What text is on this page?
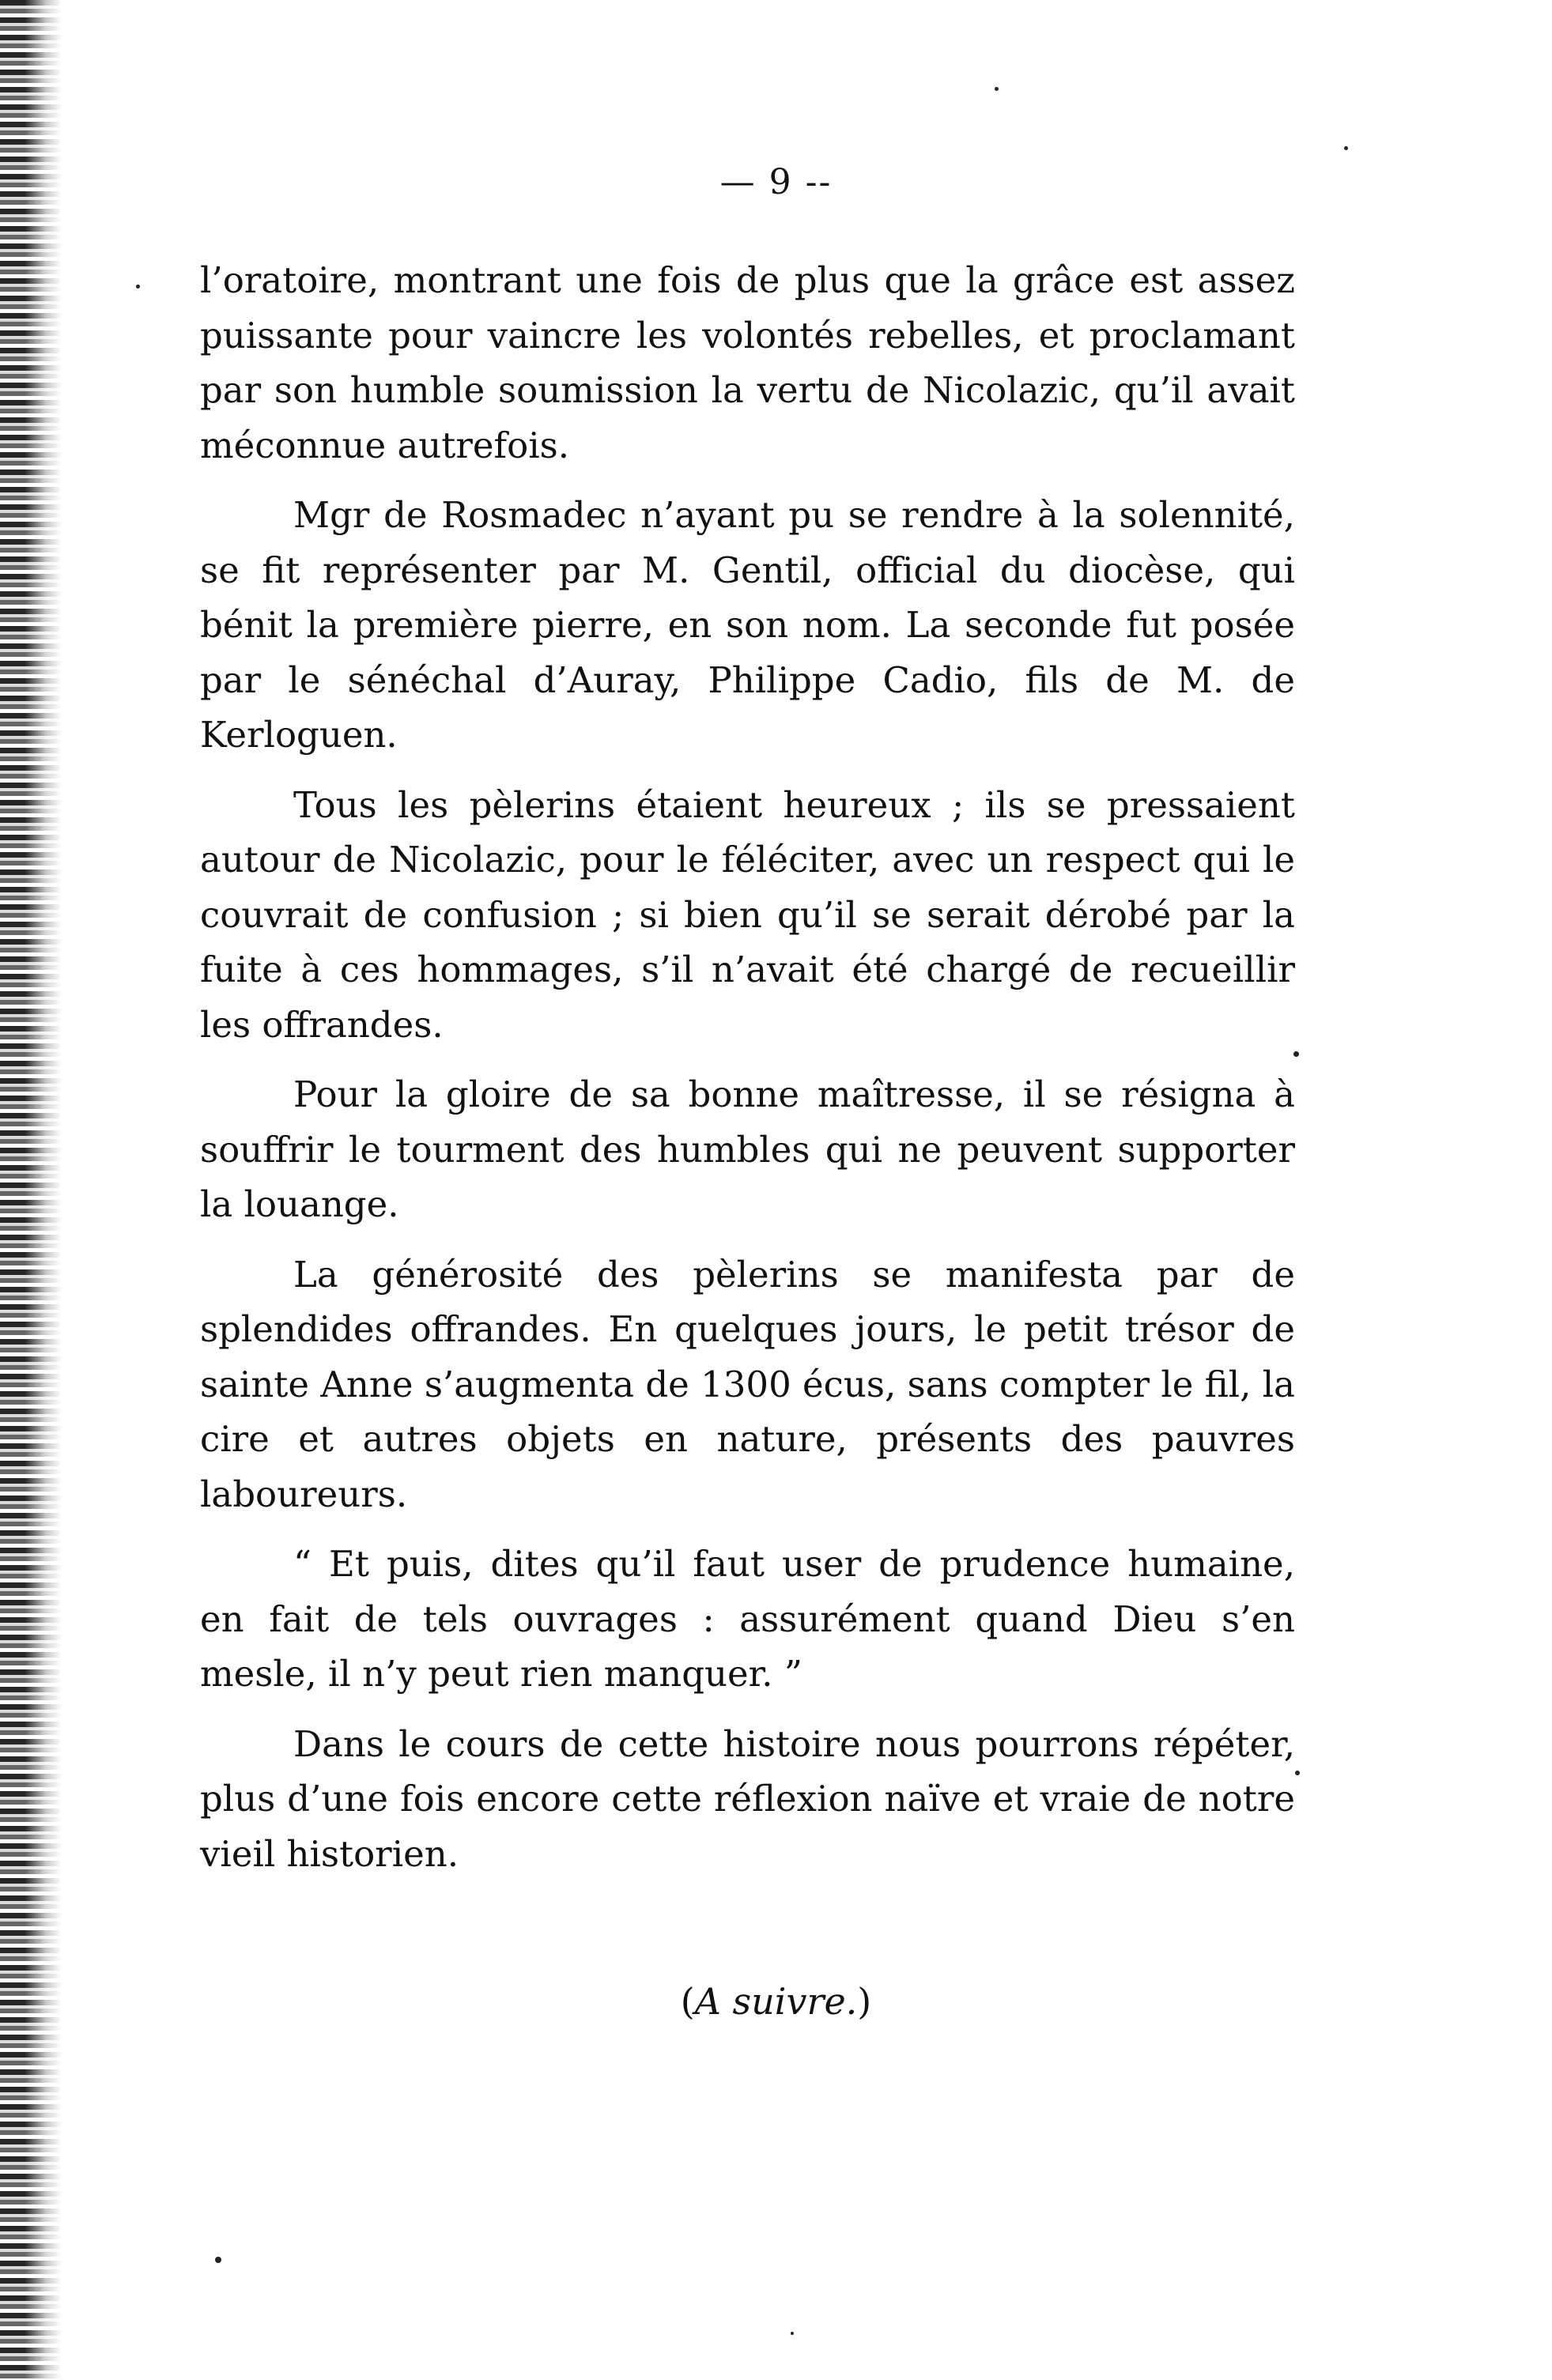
— 9 --

l’oratoire, montrant une fois de plus que la grâce est assez puissante pour vaincre les volontés rebelles, et proclamant par son humble soumission la vertu de Nicolazic, qu’il avait méconnue autrefois.

Mgr de Rosmadec n’ayant pu se rendre à la solennité, se fit représenter par M. Gentil, official du diocèse, qui bénit la première pierre, en son nom. La seconde fut posée par le sénéchal d’Auray, Philippe Cadio, fils de M. de Kerloguen.

Tous les pèlerins étaient heureux ; ils se pressaient autour de Nicolazic, pour le féléciter, avec un respect qui le couvrait de confusion ; si bien qu’il se serait dérobé par la fuite à ces hommages, s’il n’avait été chargé de recueillir les offrandes.

Pour la gloire de sa bonne maîtresse, il se résigna à souffrir le tourment des humbles qui ne peuvent supporter la louange.

La générosité des pèlerins se manifesta par de splendides offrandes. En quelques jours, le petit trésor de sainte Anne s’augmenta de 1300 écus, sans compter le fil, la cire et autres objets en nature, présents des pauvres laboureurs.

“ Et puis, dites qu’il faut user de prudence humaine, en fait de tels ouvrages : assurément quand Dieu s’en mesle, il n’y peut rien manquer. ”

Dans le cours de cette histoire nous pourrons répéter, plus d’une fois encore cette réflexion naïve et vraie de notre vieil historien.

(A suivre.)
